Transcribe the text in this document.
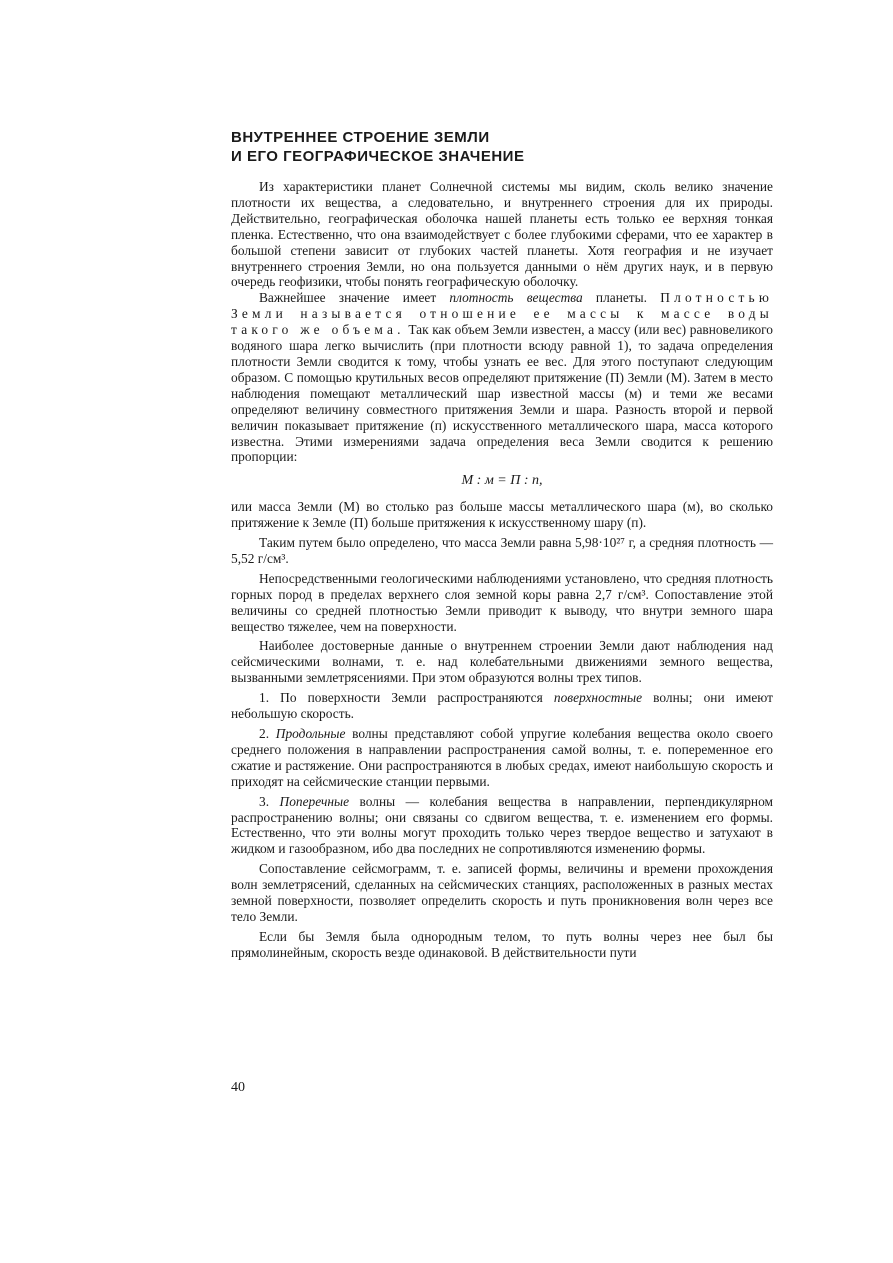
ВНУТРЕННЕЕ СТРОЕНИЕ ЗЕМЛИ
И ЕГО ГЕОГРАФИЧЕСКОЕ ЗНАЧЕНИЕ

Из характеристики планет Солнечной системы мы видим, сколь велико значение плотности их вещества, а следовательно, и внутреннего строения для их природы. Действительно, географическая оболочка нашей планеты есть только ее верхняя тонкая пленка. Естественно, что она взаимодействует с более глубокими сферами, что ее характер в большой степени зависит от глубоких частей планеты. Хотя география и не изучает внутреннего строения Земли, но она пользуется данными о нём других наук, и в первую очередь геофизики, чтобы понять географическую оболочку.

Важнейшее значение имеет плотность вещества планеты. Плотностью Земли называется отношение ее массы к массе воды такого же объема. Так как объем Земли известен, а массу (или вес) равновеликого водяного шара легко вычислить (при плотности всюду равной 1), то задача определения плотности Земли сводится к тому, чтобы узнать ее вес. Для этого поступают следующим образом. С помощью крутильных весов определяют притяжение (П) Земли (М). Затем в место наблюдения помещают металлический шар известной массы (м) и теми же весами определяют величину совместного притяжения Земли и шара. Разность второй и первой величин показывает притяжение (п) искусственного металлического шара, масса которого известна. Этими измерениями задача определения веса Земли сводится к решению пропорции:

М : м = П : п,

или масса Земли (М) во столько раз больше массы металлического шара (м), во сколько притяжение к Земле (П) больше притяжения к искусственному шару (п).

Таким путем было определено, что масса Земли равна 5,98·10²⁷ г, а средняя плотность — 5,52 г/см³.

Непосредственными геологическими наблюдениями установлено, что средняя плотность горных пород в пределах верхнего слоя земной коры равна 2,7 г/см³. Сопоставление этой величины со средней плотностью Земли приводит к выводу, что внутри земного шара вещество тяжелее, чем на поверхности.

Наиболее достоверные данные о внутреннем строении Земли дают наблюдения над сейсмическими волнами, т. е. над колебательными движениями земного вещества, вызванными землетрясениями. При этом образуются волны трех типов.

1. По поверхности Земли распространяются поверхностные волны; они имеют небольшую скорость.

2. Продольные волны представляют собой упругие колебания вещества около своего среднего положения в направлении распространения самой волны, т. е. попеременное его сжатие и растяжение. Они распространяются в любых средах, имеют наибольшую скорость и приходят на сейсмические станции первыми.

3. Поперечные волны — колебания вещества в направлении, перпендикулярном распространению волны; они связаны со сдвигом вещества, т. е. изменением его формы. Естественно, что эти волны могут проходить только через твердое вещество и затухают в жидком и газообразном, ибо два последних не сопротивляются изменению формы.

Сопоставление сейсмограмм, т. е. записей формы, величины и времени прохождения волн землетрясений, сделанных на сейсмических станциях, расположенных в разных местах земной поверхности, позволяет определить скорость и путь проникновения волн через все тело Земли.

Если бы Земля была однородным телом, то путь волны через нее был бы прямолинейным, скорость везде одинаковой. В действительности пути

40
